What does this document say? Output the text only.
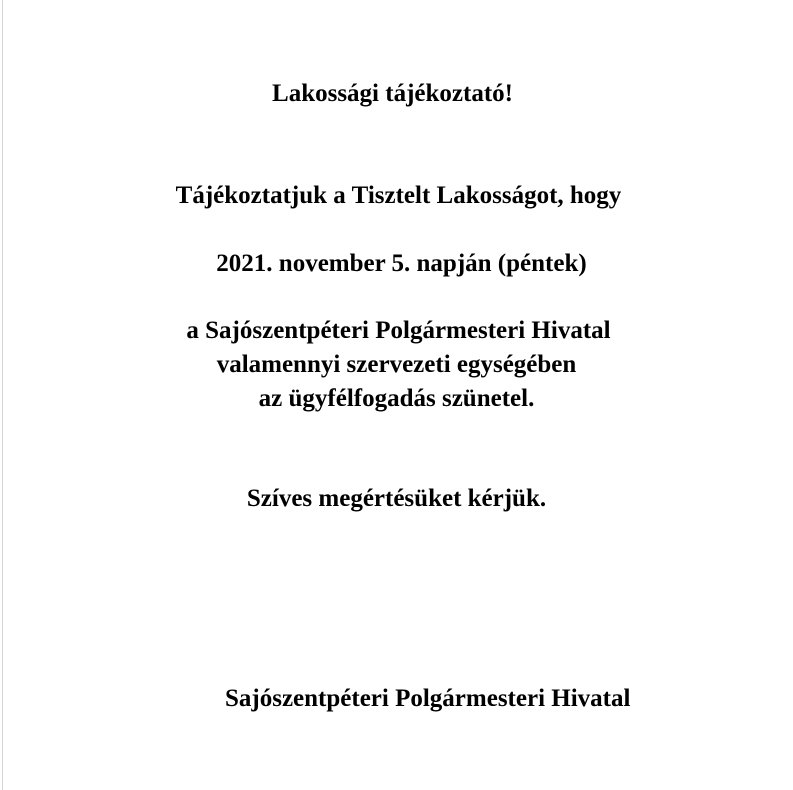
Lakossági tájékoztató!
Tájékoztatjuk a Tisztelt Lakosságot, hogy
2021. november 5. napján (péntek)
a Sajószentpéteri Polgármesteri Hivatal
valamennyi szervezeti egységében
az ügyfélfogadás szünetel.
Szíves megértésüket kérjük.
Sajószentpéteri Polgármesteri Hivatal
